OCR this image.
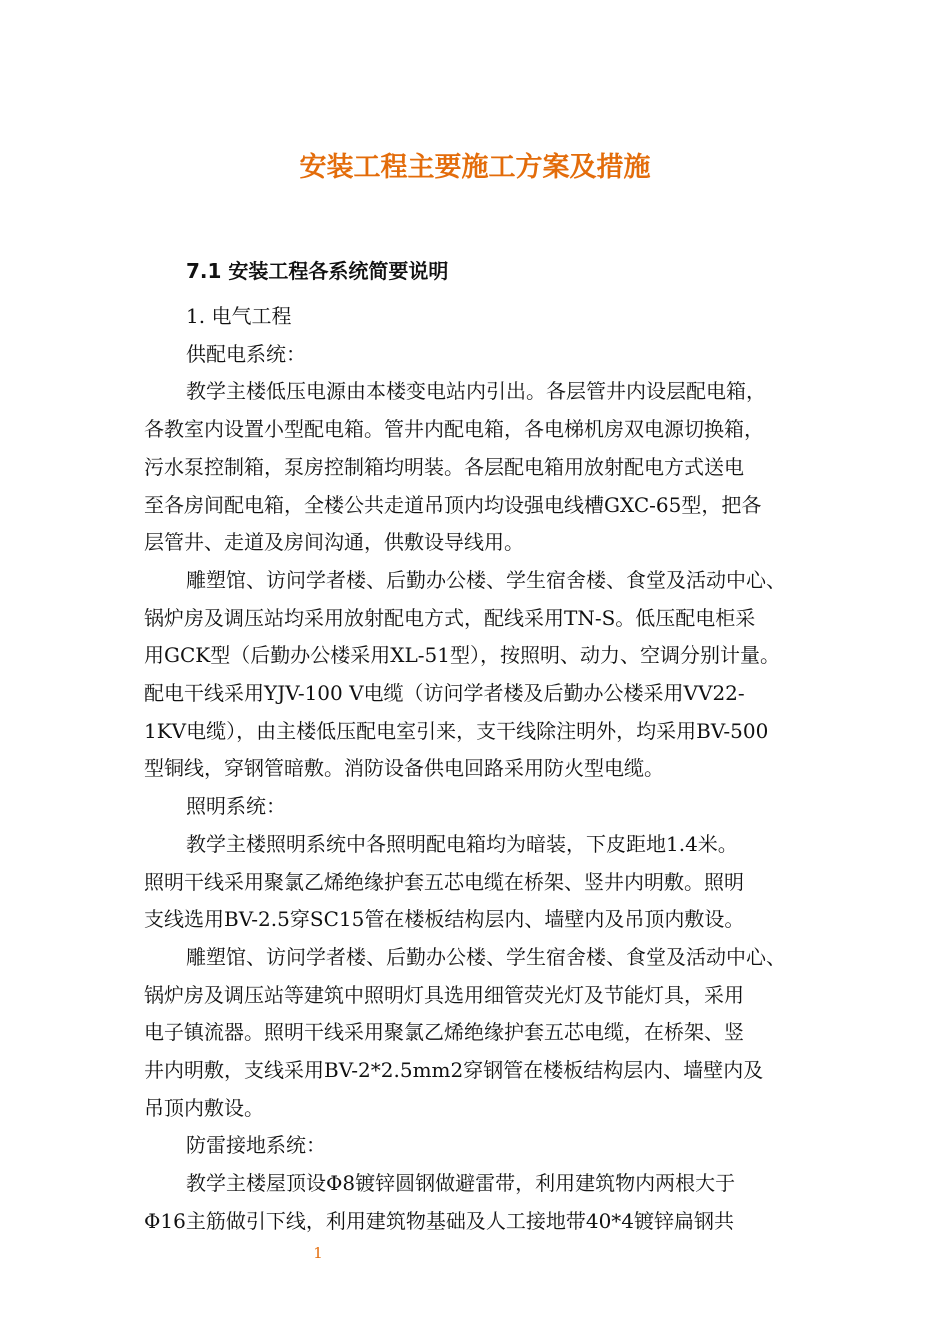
安装工程主要施工方案及措施
7.1 安装工程各系统简要说明

1. 电气工程

供配电系统：

教学主楼低压电源由本楼变电站内引出。各层管井内设层配电箱，
各教室内设置小型配电箱。管井内配电箱，各电梯机房双电源切换箱，
污水泵控制箱，泵房控制箱均明装。各层配电箱用放射配电方式送电
至各房间配电箱，全楼公共走道吊顶内均设强电线槽GXC-65型，把各
层管井、走道及房间沟通，供敷设导线用。

雕塑馆、访问学者楼、后勤办公楼、学生宿舍楼、食堂及活动中心、
锅炉房及调压站均采用放射配电方式，配线采用TN-S。低压配电柜采
用GCK型（后勤办公楼采用XL-51型），按照明、动力、空调分别计量。
配电干线采用YJV-100 V电缆（访问学者楼及后勤办公楼采用VV22-
1KV电缆），由主楼低压配电室引来，支干线除注明外，均采用BV-500
型铜线，穿钢管暗敷。消防设备供电回路采用防火型电缆。

照明系统：

教学主楼照明系统中各照明配电箱均为暗装，下皮距地1.4米。
照明干线采用聚氯乙烯绝缘护套五芯电缆在桥架、竖井内明敷。照明
支线选用BV-2.5穿SC15管在楼板结构层内、墙壁内及吊顶内敷设。

雕塑馆、访问学者楼、后勤办公楼、学生宿舍楼、食堂及活动中心、
锅炉房及调压站等建筑中照明灯具选用细管荧光灯及节能灯具，采用
电子镇流器。照明干线采用聚氯乙烯绝缘护套五芯电缆，在桥架、竖
井内明敷，支线采用BV-2*2.5mm2穿钢管在楼板结构层内、墙壁内及
吊顶内敷设。

防雷接地系统：

教学主楼屋顶设Φ8镀锌圆钢做避雷带，利用建筑物内两根大于
Φ16主筋做引下线，利用建筑物基础及人工接地带40*4镀锌扁钢共

1
